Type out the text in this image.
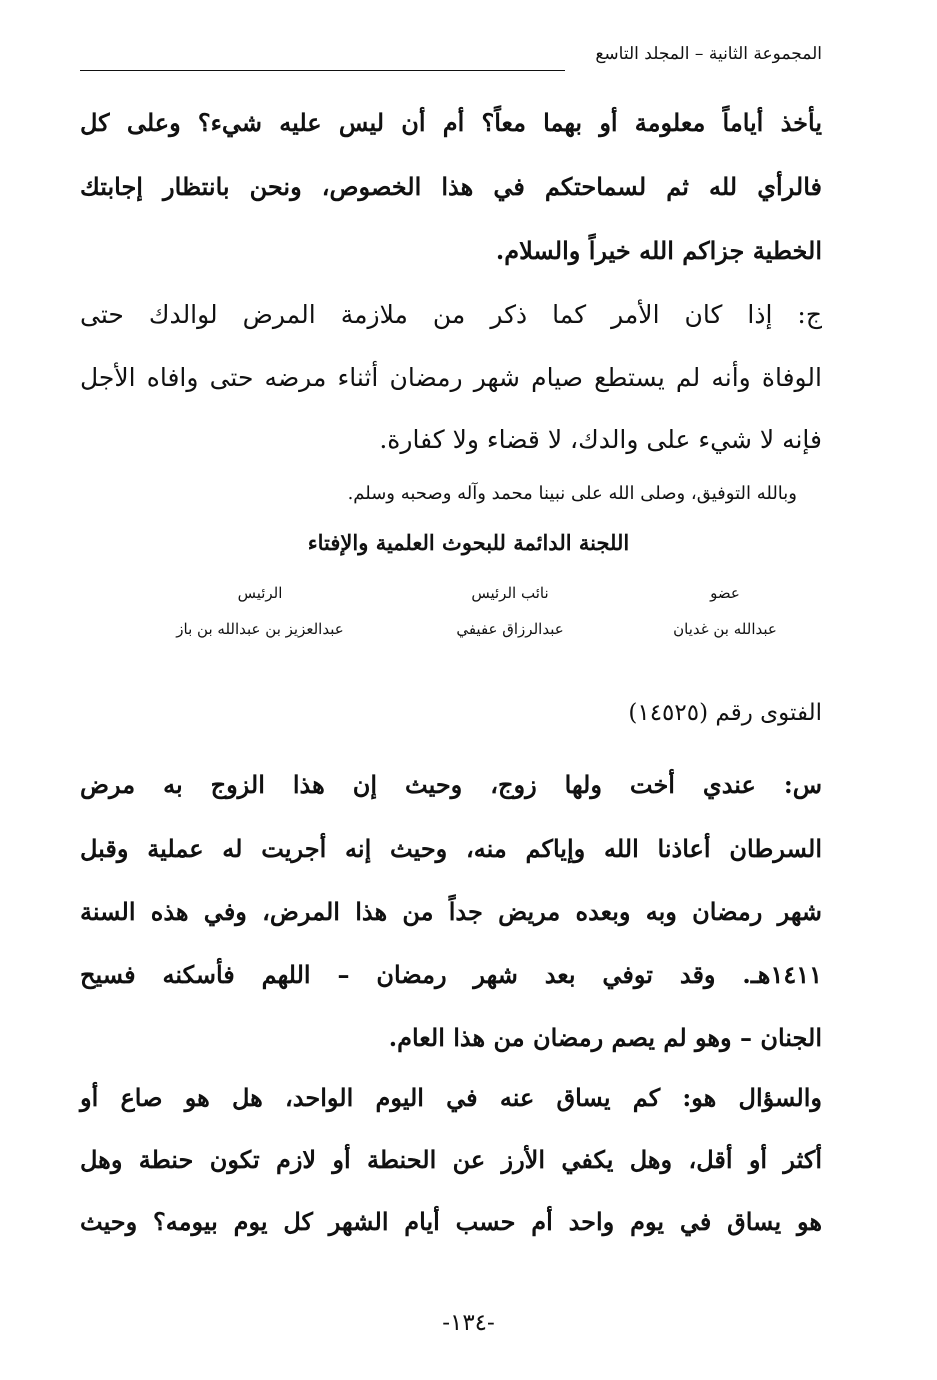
المجموعة الثانية – المجلد التاسع
يأخذ أياماً معلومة أو بهما معاً؟ أم أن ليس عليه شيء؟ وعلى كل
فالرأي لله ثم لسماحتكم في هذا الخصوص، ونحن بانتظار إجابتك
الخطية جزاكم الله خيراً والسلام.
ج: إذا كان الأمر كما ذكر من ملازمة المرض لوالدك حتى
الوفاة وأنه لم يستطع صيام شهر رمضان أثناء مرضه حتى وافاه الأجل
فإنه لا شيء على والدك، لا قضاء ولا كفارة.
وبالله التوفيق، وصلى الله على نبينا محمد وآله وصحبه وسلم.
اللجنة الدائمة للبحوث العلمية والإفتاء
الرئيس
عبدالعزيز بن عبدالله بن باز
نائب الرئيس
عبدالرزاق عفيفي
عضو
عبدالله بن غديان
الفتوى رقم (١٤٥٢٥)
س: عندي أخت ولها زوج، وحيث إن هذا الزوج به مرض
السرطان أعاذنا الله وإياكم منه، وحيث إنه أجريت له عملية وقبل
شهر رمضان وبه وبعده مريض جداً من هذا المرض، وفي هذه السنة
١٤١١هـ. وقد توفي بعد شهر رمضان – اللهم فأسكنه فسيح
الجنان – وهو لم يصم رمضان من هذا العام.
والسؤال هو: كم يساق عنه في اليوم الواحد، هل هو صاع أو
أكثر أو أقل، وهل يكفي الأرز عن الحنطة أو لازم تكون حنطة وهل
هو يساق في يوم واحد أم حسب أيام الشهر كل يوم بيومه؟ وحيث
-١٣٤-
